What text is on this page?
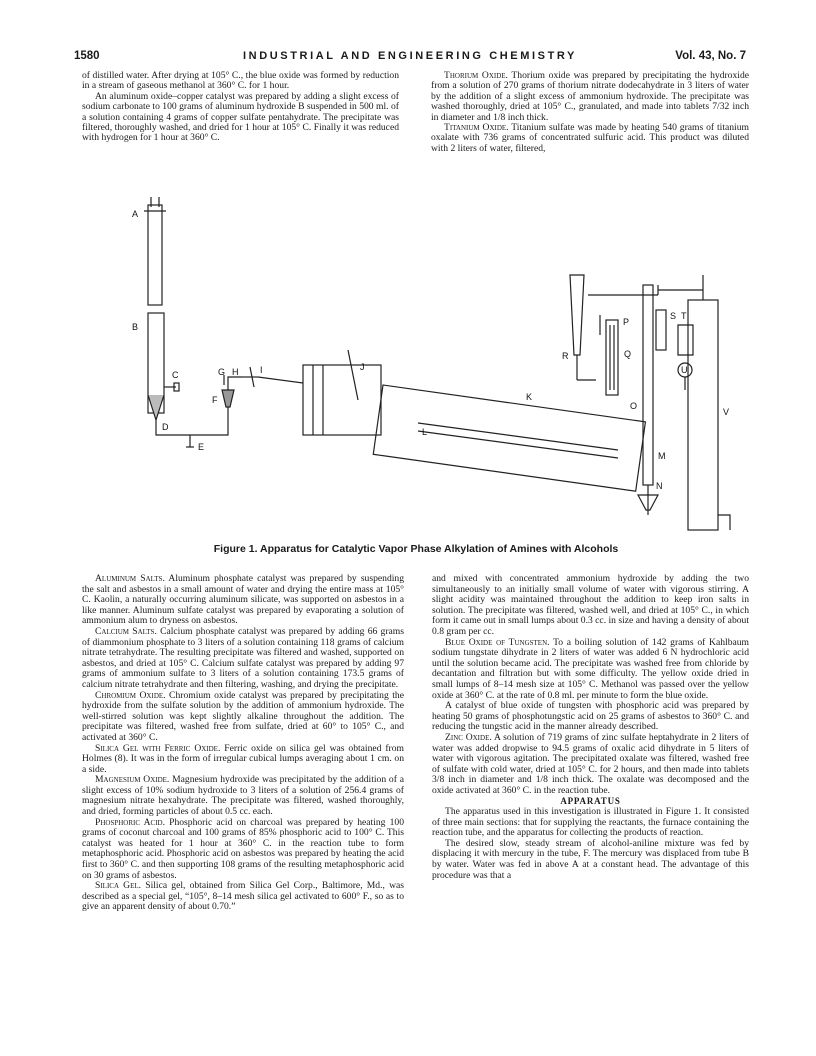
1580	INDUSTRIAL AND ENGINEERING CHEMISTRY	Vol. 43, No. 7

of distilled water. After drying at 105° C., the blue oxide was formed by reduction in a stream of gaseous methanol at 360° C. for 1 hour.

An aluminum oxide–copper catalyst was prepared by adding a slight excess of sodium carbonate to 100 grams of aluminum hydroxide B suspended in 500 ml. of a solution containing 4 grams of copper sulfate pentahydrate. The precipitate was filtered, thoroughly washed, and dried for 1 hour at 105° C. Finally it was reduced with hydrogen for 1 hour at 360° C.

Thorium Oxide. Thorium oxide was prepared by precipitating the hydroxide from a solution of 270 grams of thorium nitrate dodecahydrate in 3 liters of water by the addition of a slight excess of ammonium hydroxide. The precipitate was washed thoroughly, dried at 105° C., granulated, and made into tablets 7/32 inch in diameter and 1/8 inch thick.

Titanium Oxide. Titanium sulfate was made by heating 540 grams of titanium oxalate with 736 grams of concentrated sulfuric acid. This product was diluted with 2 liters of water, filtered,

A
B
C
D
E
F
G H I	J
K
L
M
N
O
P
Q
R
S T
U
V
Figure 1. Apparatus for Catalytic Vapor Phase Alkylation of Amines with Alcohols

Aluminum Salts. Aluminum phosphate catalyst was prepared by suspending the salt and asbestos in a small amount of water and drying the entire mass at 105° C. Kaolin, a naturally occurring aluminum silicate, was supported on asbestos in a like manner. Aluminum sulfate catalyst was prepared by evaporating a solution of ammonium alum to dryness on asbestos.

Calcium Salts. Calcium phosphate catalyst was prepared by adding 66 grams of diammonium phosphate to 3 liters of a solution containing 118 grams of calcium nitrate tetrahydrate. The resulting precipitate was filtered and washed, supported on asbestos, and dried at 105° C. Calcium sulfate catalyst was prepared by adding 97 grams of ammonium sulfate to 3 liters of a solution containing 173.5 grams of calcium nitrate tetrahydrate and then filtering, washing, and drying the precipitate.

Chromium Oxide. Chromium oxide catalyst was prepared by precipitating the hydroxide from the sulfate solution by the addition of ammonium hydroxide. The well-stirred solution was kept slightly alkaline throughout the addition. The precipitate was filtered, washed free from sulfate, dried at 60° to 105° C., and activated at 360° C.

Silica Gel with Ferric Oxide. Ferric oxide on silica gel was obtained from Holmes (8). It was in the form of irregular cubical lumps averaging about 1 cm. on a side.

Magnesium Oxide. Magnesium hydroxide was precipitated by the addition of a slight excess of 10% sodium hydroxide to 3 liters of a solution of 256.4 grams of magnesium nitrate hexahydrate. The precipitate was filtered, washed thoroughly, and dried, forming particles of about 0.5 cc. each.

Phosphoric Acid. Phosphoric acid on charcoal was prepared by heating 100 grams of coconut charcoal and 100 grams of 85% phosphoric acid to 100° C. This catalyst was heated for 1 hour at 360° C. in the reaction tube to form metaphosphoric acid. Phosphoric acid on asbestos was prepared by heating the acid first to 360° C. and then supporting 108 grams of the resulting metaphosphoric acid on 30 grams of asbestos.

Silica Gel. Silica gel, obtained from Silica Gel Corp., Baltimore, Md., was described as a special gel, “105°, 8–14 mesh silica gel activated to 600° F., so as to give an apparent density of about 0.70.”

and mixed with concentrated ammonium hydroxide by adding the two simultaneously to an initially small volume of water with vigorous stirring. A slight acidity was maintained throughout the addition to keep iron salts in solution. The precipitate was filtered, washed well, and dried at 105° C., in which form it came out in small lumps about 0.3 cc. in size and having a density of about 0.8 gram per cc.

Blue Oxide of Tungsten. To a boiling solution of 142 grams of Kahlbaum sodium tungstate dihydrate in 2 liters of water was added 6 N hydrochloric acid until the solution became acid. The precipitate was washed free from chloride by decantation and filtration but with some difficulty. The yellow oxide dried in small lumps of 8–14 mesh size at 105° C. Methanol was passed over the yellow oxide at 360° C. at the rate of 0.8 ml. per minute to form the blue oxide.

A catalyst of blue oxide of tungsten with phosphoric acid was prepared by heating 50 grams of phosphotungstic acid on 25 grams of asbestos to 360° C. and reducing the tungstic acid in the manner already described.

Zinc Oxide. A solution of 719 grams of zinc sulfate heptahydrate in 2 liters of water was added dropwise to 94.5 grams of oxalic acid dihydrate in 5 liters of water with vigorous agitation. The precipitated oxalate was filtered, washed free of sulfate with cold water, dried at 105° C. for 2 hours, and then made into tablets 3/8 inch in diameter and 1/8 inch thick. The oxalate was decomposed and the oxide activated at 360° C. in the reaction tube.

APPARATUS

The apparatus used in this investigation is illustrated in Figure 1. It consisted of three main sections: that for supplying the reactants, the furnace containing the reaction tube, and the apparatus for collecting the products of reaction.

The desired slow, steady stream of alcohol-aniline mixture was fed by displacing it with mercury in the tube, F. The mercury was displaced from tube B by water. Water was fed in above A at a constant head. The advantage of this procedure was that a
